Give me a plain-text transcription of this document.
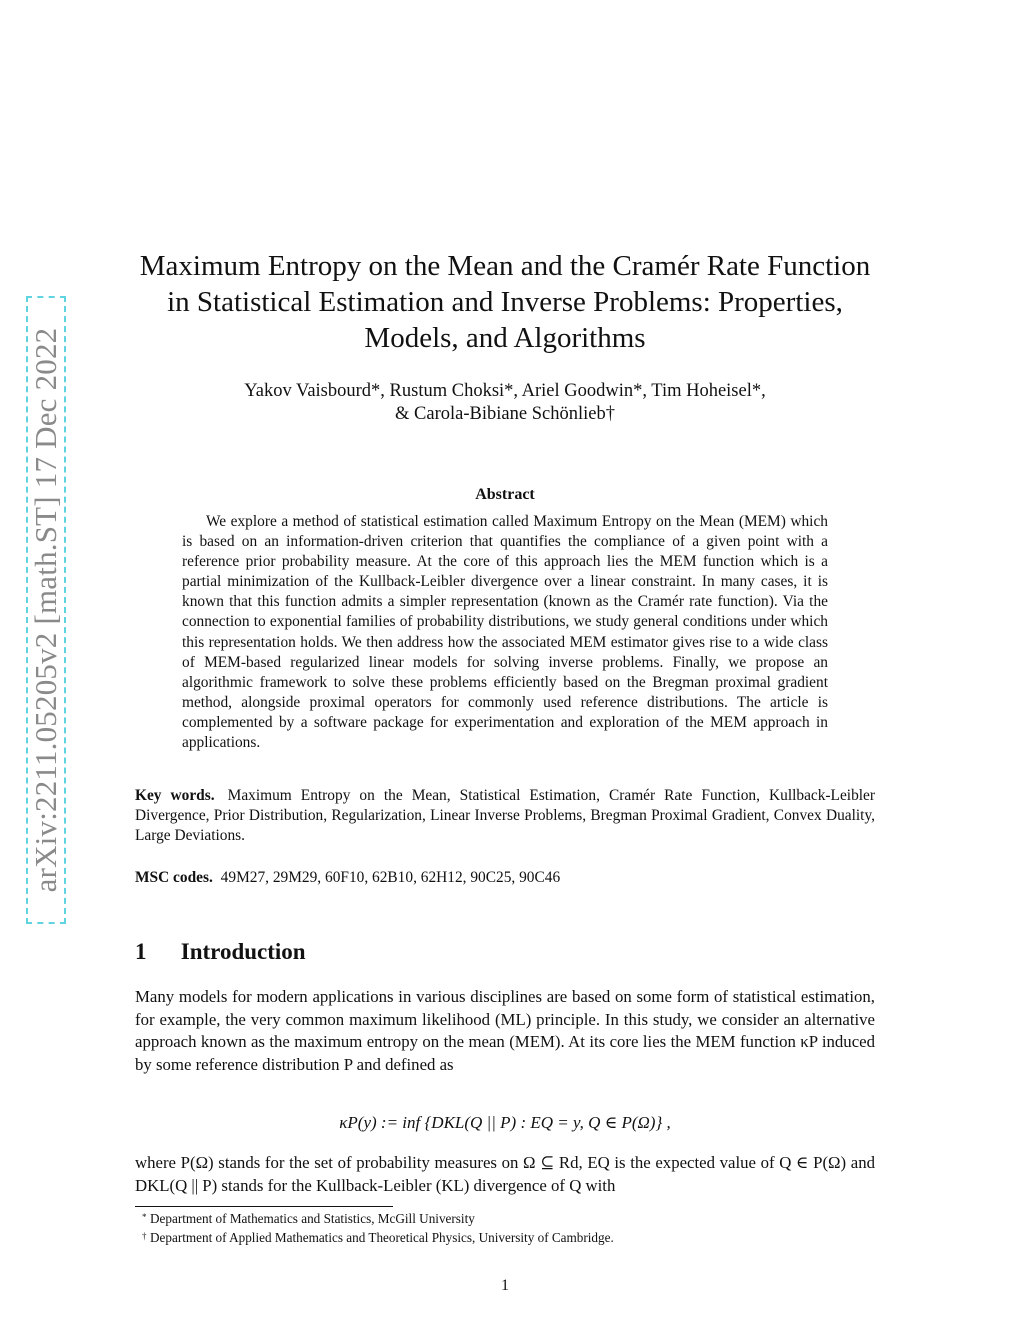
arXiv:2211.05205v2 [math.ST] 17 Dec 2022
Maximum Entropy on the Mean and the Cramér Rate Function
in Statistical Estimation and Inverse Problems: Properties,
Models, and Algorithms
Yakov Vaisbourd*, Rustum Choksi*, Ariel Goodwin*, Tim Hoheisel*,
& Carola-Bibiane Schönlieb†
Abstract

We explore a method of statistical estimation called Maximum Entropy on the Mean (MEM) which is based on an information-driven criterion that quantifies the compliance of a given point with a reference prior probability measure. At the core of this approach lies the MEM function which is a partial minimization of the Kullback-Leibler divergence over a linear constraint. In many cases, it is known that this function admits a simpler representation (known as the Cramér rate function). Via the connection to exponential families of probability distributions, we study general conditions under which this representation holds. We then address how the associated MEM estimator gives rise to a wide class of MEM-based regularized linear models for solving inverse problems. Finally, we propose an algorithmic framework to solve these problems efficiently based on the Bregman proximal gradient method, alongside proximal operators for commonly used reference distributions. The article is complemented by a software package for experimentation and exploration of the MEM approach in applications.

Key words. Maximum Entropy on the Mean, Statistical Estimation, Cramér Rate Function, Kullback-Leibler Divergence, Prior Distribution, Regularization, Linear Inverse Problems, Bregman Proximal Gradient, Convex Duality, Large Deviations.
MSC codes. 49M27, 29M29, 60F10, 62B10, 62H12, 90C25, 90C46
1 Introduction

Many models for modern applications in various disciplines are based on some form of statistical estimation, for example, the very common maximum likelihood (ML) principle. In this study, we consider an alternative approach known as the maximum entropy on the mean (MEM). At its core lies the MEM function κP induced by some reference distribution P and defined as

κP(y) := inf {DKL(Q || P) : EQ = y, Q ∈ P(Ω)} ,
where P(Ω) stands for the set of probability measures on Ω ⊆ Rd, EQ is the expected value of Q ∈ P(Ω) and DKL(Q || P) stands for the Kullback-Leibler (KL) divergence of Q with
* Department of Mathematics and Statistics, McGill University
† Department of Applied Mathematics and Theoretical Physics, University of Cambridge.
1
